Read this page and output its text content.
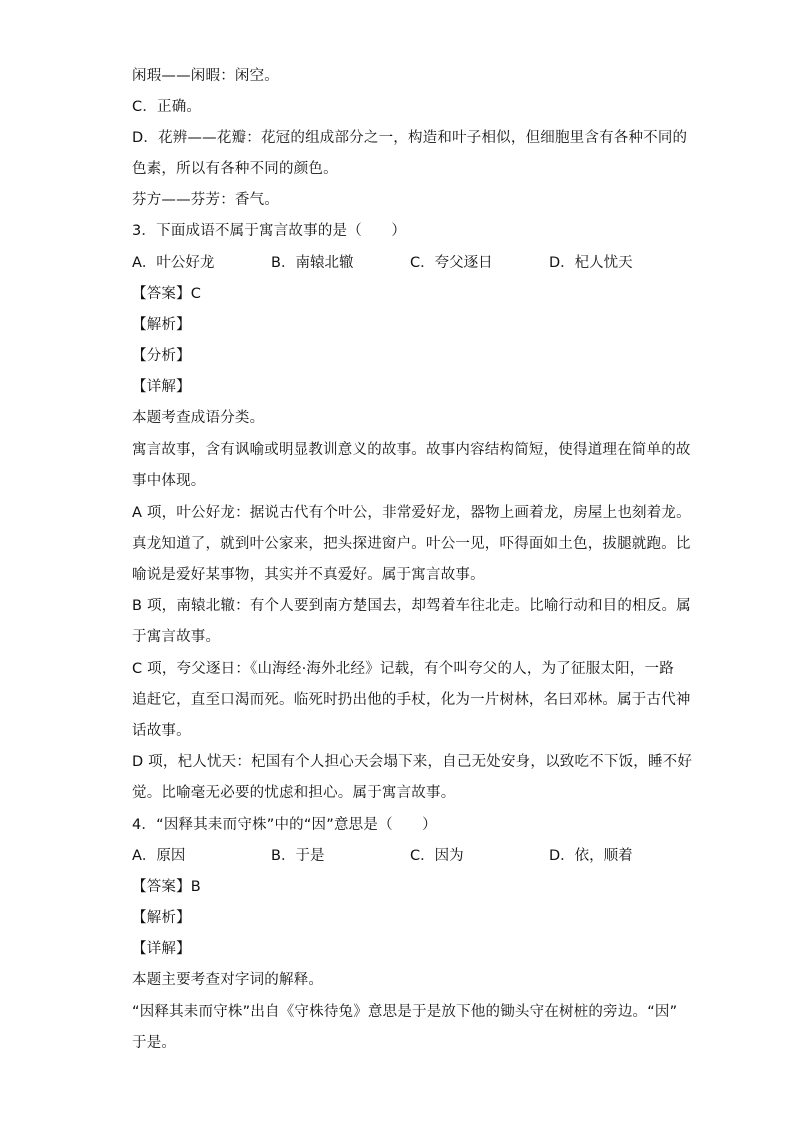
闲瑕——闲暇：闲空。
C．正确。
D．花辨——花瓣：花冠的组成部分之一，构造和叶子相似，但细胞里含有各种不同的
色素，所以有各种不同的颜色。
芬方——芬芳：香气。
3．下面成语不属于寓言故事的是（　　）
A．叶公好龙	B．南辕北辙	C．夸父逐日	D．杞人忧天
【答案】C
【解析】
【分析】
【详解】
本题考查成语分类。
寓言故事，含有讽喻或明显教训意义的故事。故事内容结构简短，使得道理在简单的故
事中体现。
A 项，叶公好龙：据说古代有个叶公，非常爱好龙，器物上画着龙，房屋上也刻着龙。
真龙知道了，就到叶公家来，把头探进窗户。叶公一见，吓得面如土色，拔腿就跑。比
喻说是爱好某事物，其实并不真爱好。属于寓言故事。
B 项，南辕北辙：有个人要到南方楚国去，却驾着车往北走。比喻行动和目的相反。属
于寓言故事。
C 项，夸父逐日：《山海经·海外北经》记载，有个叫夸父的人，为了征服太阳，一路
追赶它，直至口渴而死。临死时扔出他的手杖，化为一片树林，名曰邓林。属于古代神
话故事。
D 项，杞人忧天：杞国有个人担心天会塌下来，自己无处安身，以致吃不下饭，睡不好
觉。比喻毫无必要的忧虑和担心。属于寓言故事。
4．“因释其耒而守株”中的“因”意思是（　　）
A．原因	B．于是	C．因为	D．依，顺着
【答案】B
【解析】
【详解】
本题主要考查对字词的解释。
“因释其耒而守株”出自《守株待兔》意思是于是放下他的锄头守在树桩的旁边。“因”
于是。
